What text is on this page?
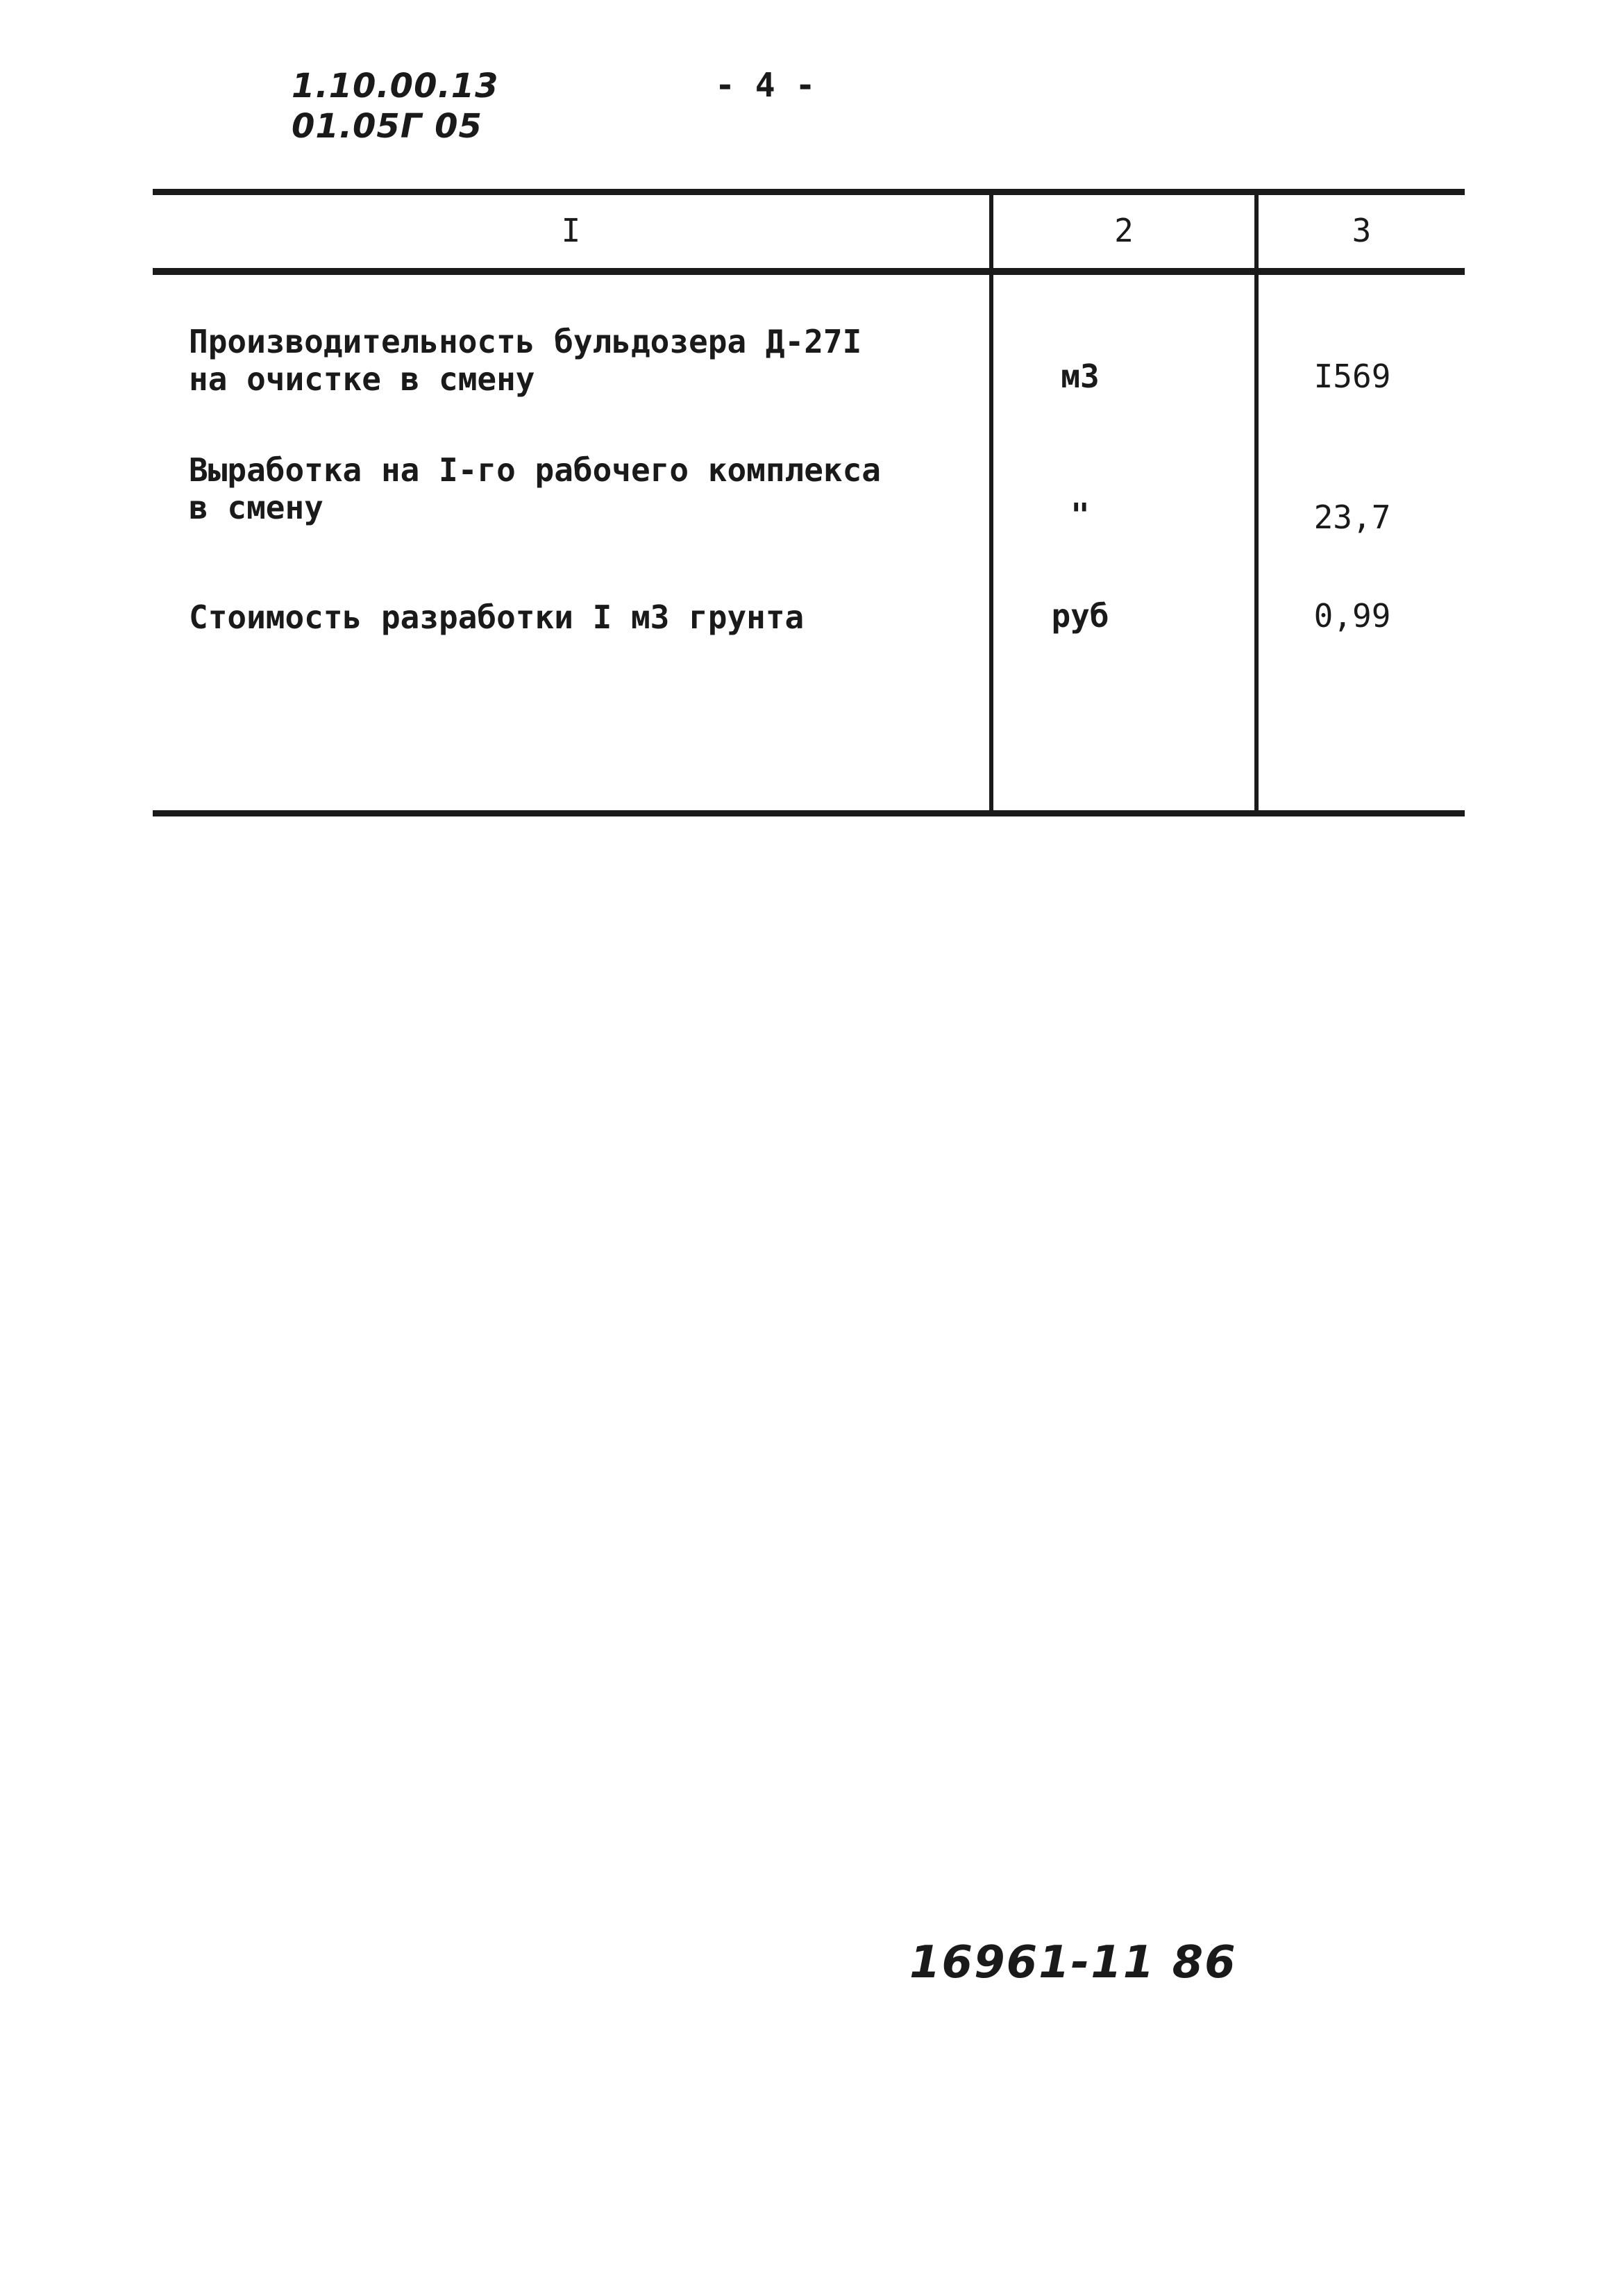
1.10.00.13
01.05Г 05
- 4 -
I	2	3
Производительность бульдозера Д-27I
на очистке в смену	м3	I569
Выработка на I-го рабочего комплекса
в смену	"	23,7
Стоимость разработки I м3 грунта	руб	0,99
16961-11 86
